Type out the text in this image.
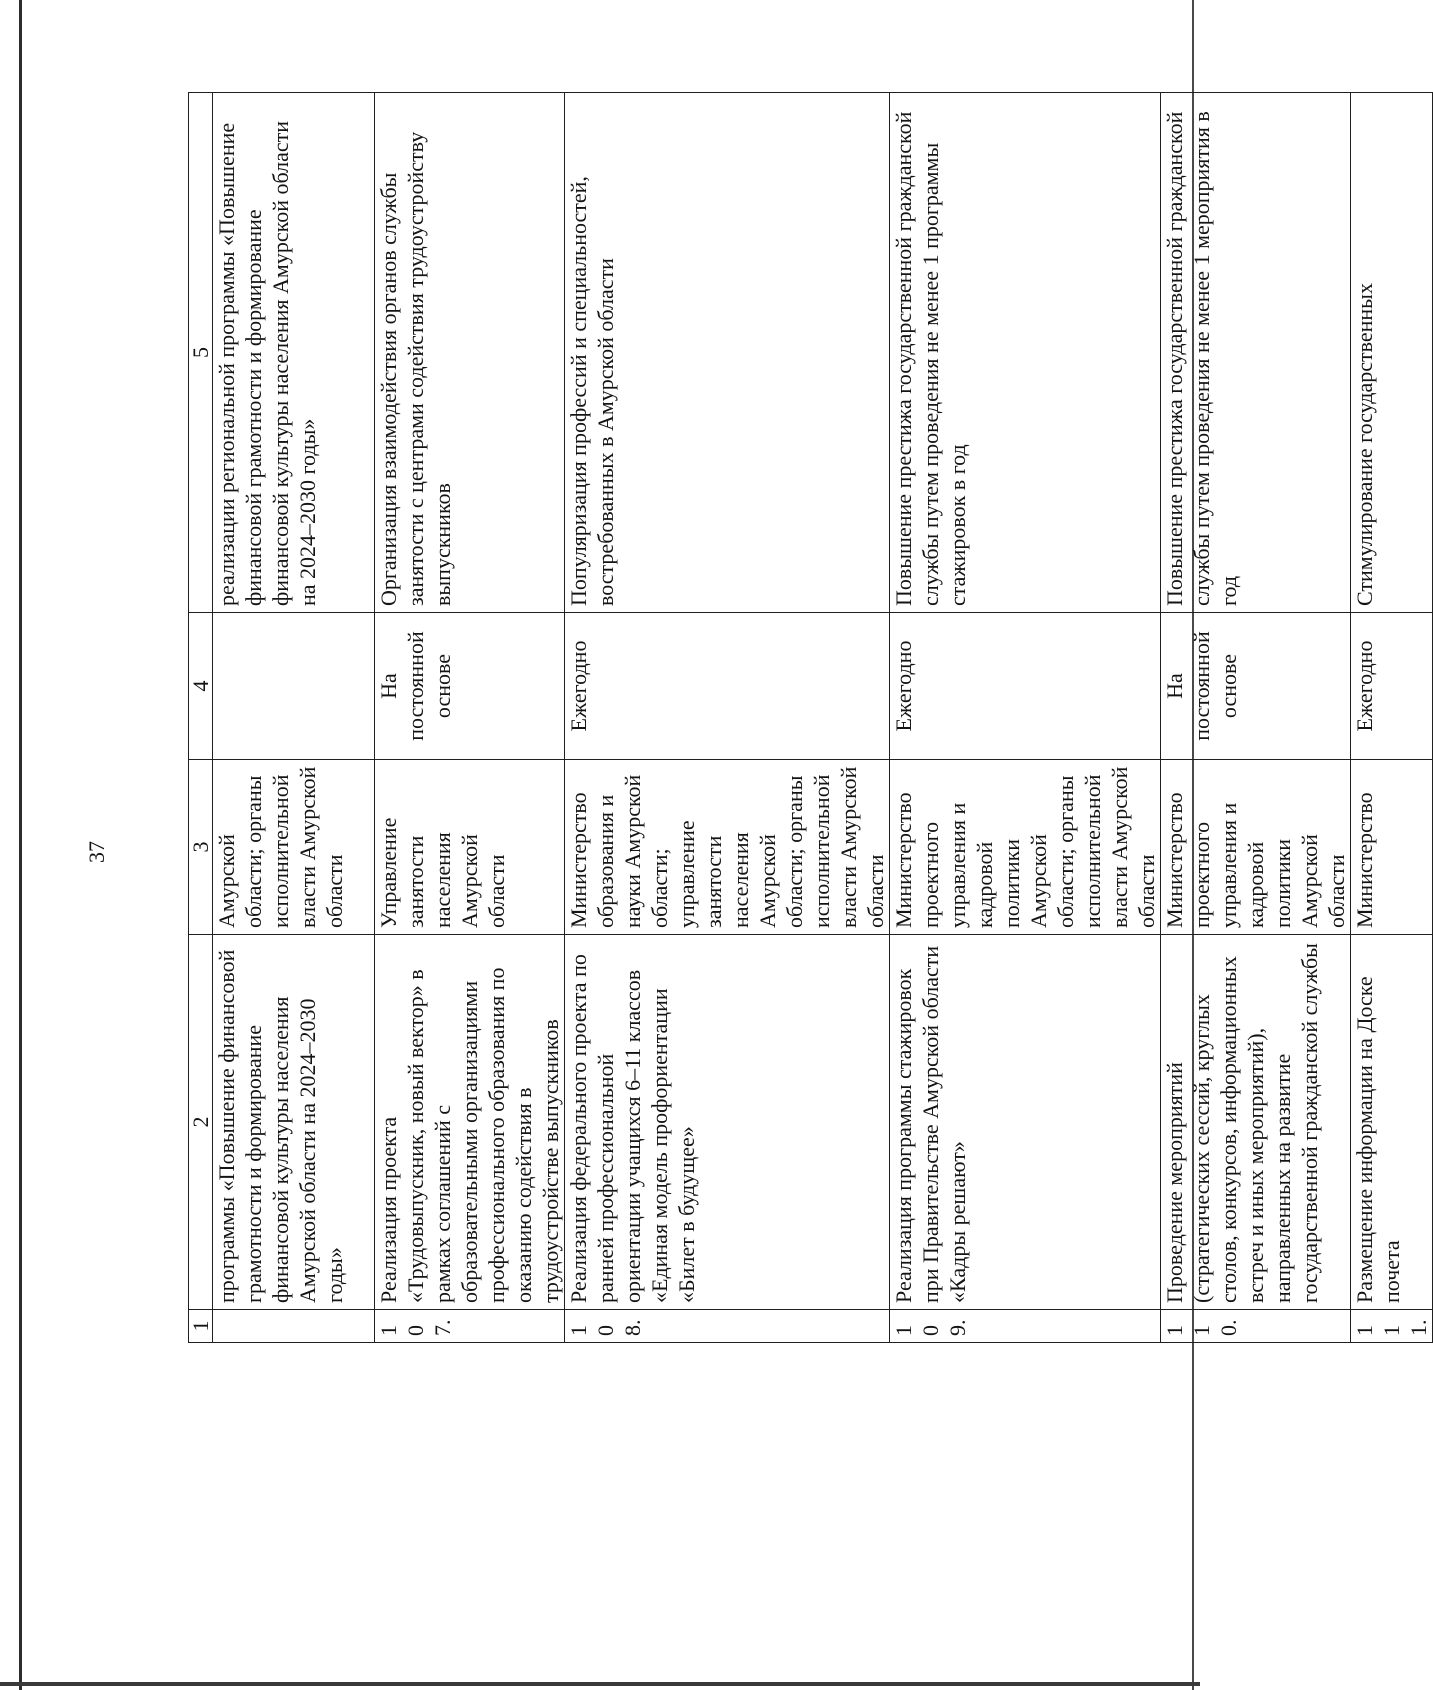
37
1	2	3	4	5
	программы «Повышение финансовой грамотности и формирование финансовой культуры населения Амурской области на 2024–2030 годы»	Амурской области; органы исполнительной власти Амурской области		реализации региональной программы «Повышение финансовой грамотности и формирование финансовой культуры населения Амурской области на 2024–2030 годы»
107.	Реализация проекта «Трудовыпускник, новый вектор» в рамках соглашений с образовательными организациями профессионального образования по оказанию содействия в трудоустройстве выпускников	Управление занятости населения Амурской области	На постоянной основе	Организация взаимодействия органов службы занятости с центрами содействия трудоустройству выпускников
108.	Реализация федерального проекта по ранней профессиональной ориентации учащихся 6–11 классов «Единая модель профориентации «Билет в будущее»	Министерство образования и науки Амурской области; управление занятости населения Амурской области; органы исполнительной власти Амурской области	Ежегодно	Популяризация профессий и специальностей, востребованных в Амурской области
109.	Реализация программы стажировок при Правительстве Амурской области «Кадры решают»	Министерство проектного управления и кадровой политики Амурской области; органы исполнительной власти Амурской области	Ежегодно	Повышение престижа государственной гражданской службы путем проведения не менее 1 программы стажировок в год
110.	Проведение мероприятий (стратегических сессий, круглых столов, конкурсов, информационных встреч и иных мероприятий), направленных на развитие государственной гражданской службы	Министерство проектного управления и кадровой политики Амурской области	На постоянной основе	Повышение престижа государственной гражданской службы путем проведения не менее 1 мероприятия в год
111.	Размещение информации на Доске почета	Министерство	Ежегодно	Стимулирование государственных
